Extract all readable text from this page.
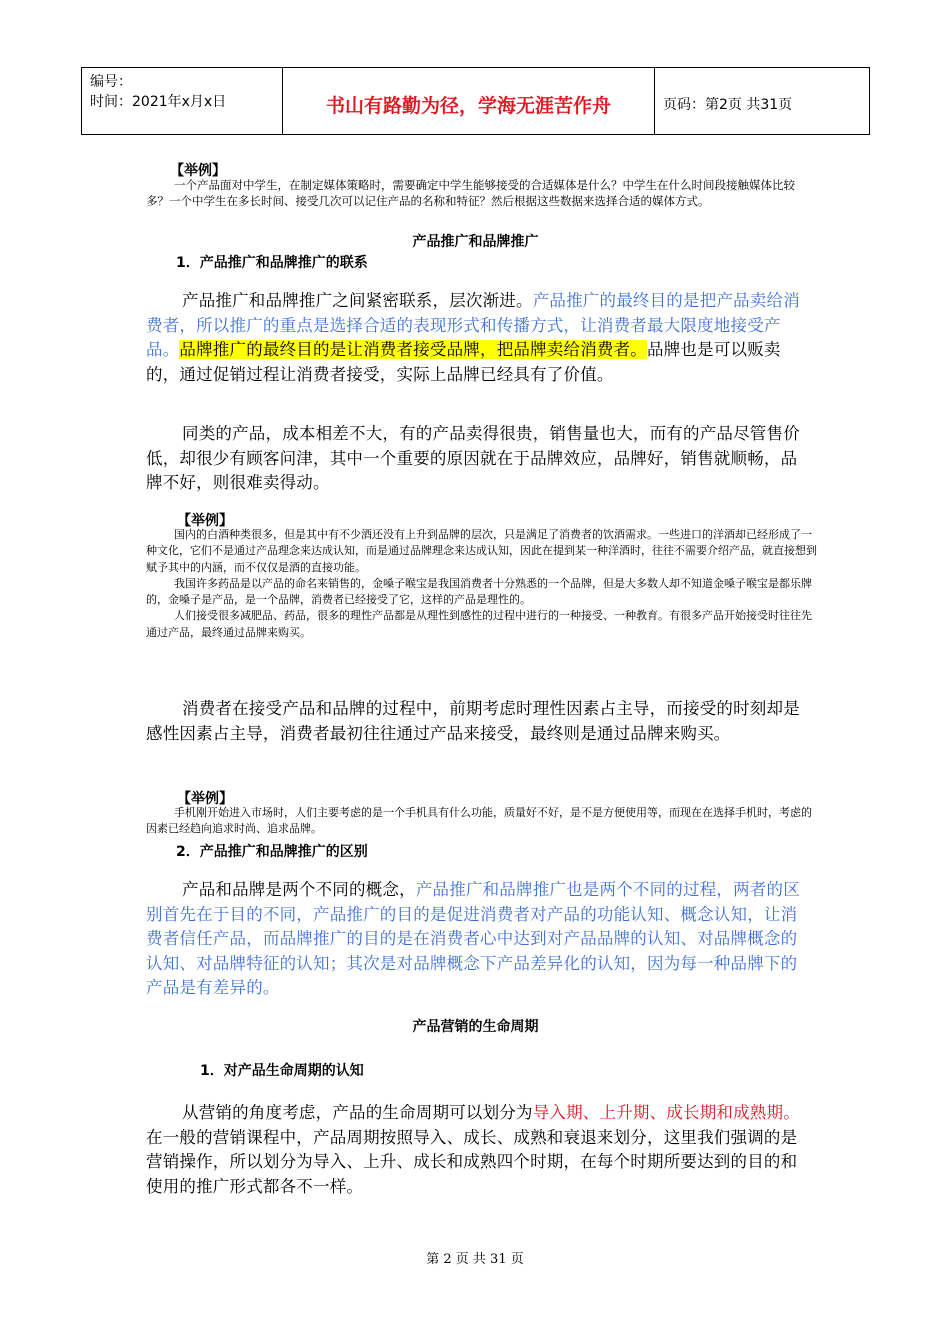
编号：
时间：2021年x月x日	书山有路勤为径，学海无涯苦作舟	页码：第2页 共31页
【举例】

一个产品面对中学生，在制定媒体策略时，需要确定中学生能够接受的合适媒体是什么？中学生在什么时间段接触媒体比较多？一个中学生在多长时间、接受几次可以记住产品的名称和特征？然后根据这些数据来选择合适的媒体方式。

产品推广和品牌推广
1．产品推广和品牌推广的联系

产品推广和品牌推广之间紧密联系，层次渐进。产品推广的最终目的是把产品卖给消费者，所以推广的重点是选择合适的表现形式和传播方式，让消费者最大限度地接受产品。品牌推广的最终目的是让消费者接受品牌，把品牌卖给消费者。品牌也是可以贩卖的，通过促销过程让消费者接受，实际上品牌已经具有了价值。

同类的产品，成本相差不大，有的产品卖得很贵，销售量也大，而有的产品尽管售价低，却很少有顾客问津，其中一个重要的原因就在于品牌效应，品牌好，销售就顺畅，品牌不好，则很难卖得动。

【举例】

国内的白酒种类很多，但是其中有不少酒还没有上升到品牌的层次，只是满足了消费者的饮酒需求。一些进口的洋酒却已经形成了一种文化，它们不是通过产品理念来达成认知，而是通过品牌理念来达成认知，因此在提到某一种洋酒时，往往不需要介绍产品，就直接想到赋予其中的内涵，而不仅仅是酒的直接功能。

我国许多药品是以产品的命名来销售的，金嗓子喉宝是我国消费者十分熟悉的一个品牌，但是大多数人却不知道金嗓子喉宝是都乐牌的，金嗓子是产品，是一个品牌，消费者已经接受了它，这样的产品是理性的。

人们接受很多减肥品、药品，很多的理性产品都是从理性到感性的过程中进行的一种接受、一种教育。有很多产品开始接受时往往先通过产品，最终通过品牌来购买。

消费者在接受产品和品牌的过程中，前期考虑时理性因素占主导，而接受的时刻却是感性因素占主导，消费者最初往往通过产品来接受，最终则是通过品牌来购买。

【举例】

手机刚开始进入市场时，人们主要考虑的是一个手机具有什么功能，质量好不好，是不是方便使用等，而现在在选择手机时，考虑的因素已经趋向追求时尚、追求品牌。

2．产品推广和品牌推广的区别

产品和品牌是两个不同的概念，产品推广和品牌推广也是两个不同的过程，两者的区别首先在于目的不同，产品推广的目的是促进消费者对产品的功能认知、概念认知，让消费者信任产品，而品牌推广的目的是在消费者心中达到对产品品牌的认知、对品牌概念的认知、对品牌特征的认知；其次是对品牌概念下产品差异化的认知，因为每一种品牌下的产品是有差异的。

产品营销的生命周期
1．对产品生命周期的认知

从营销的角度考虑，产品的生命周期可以划分为导入期、上升期、成长期和成熟期。在一般的营销课程中，产品周期按照导入、成长、成熟和衰退来划分，这里我们强调的是营销操作，所以划分为导入、上升、成长和成熟四个时期，在每个时期所要达到的目的和使用的推广形式都各不一样。

第 2 页 共 31 页
